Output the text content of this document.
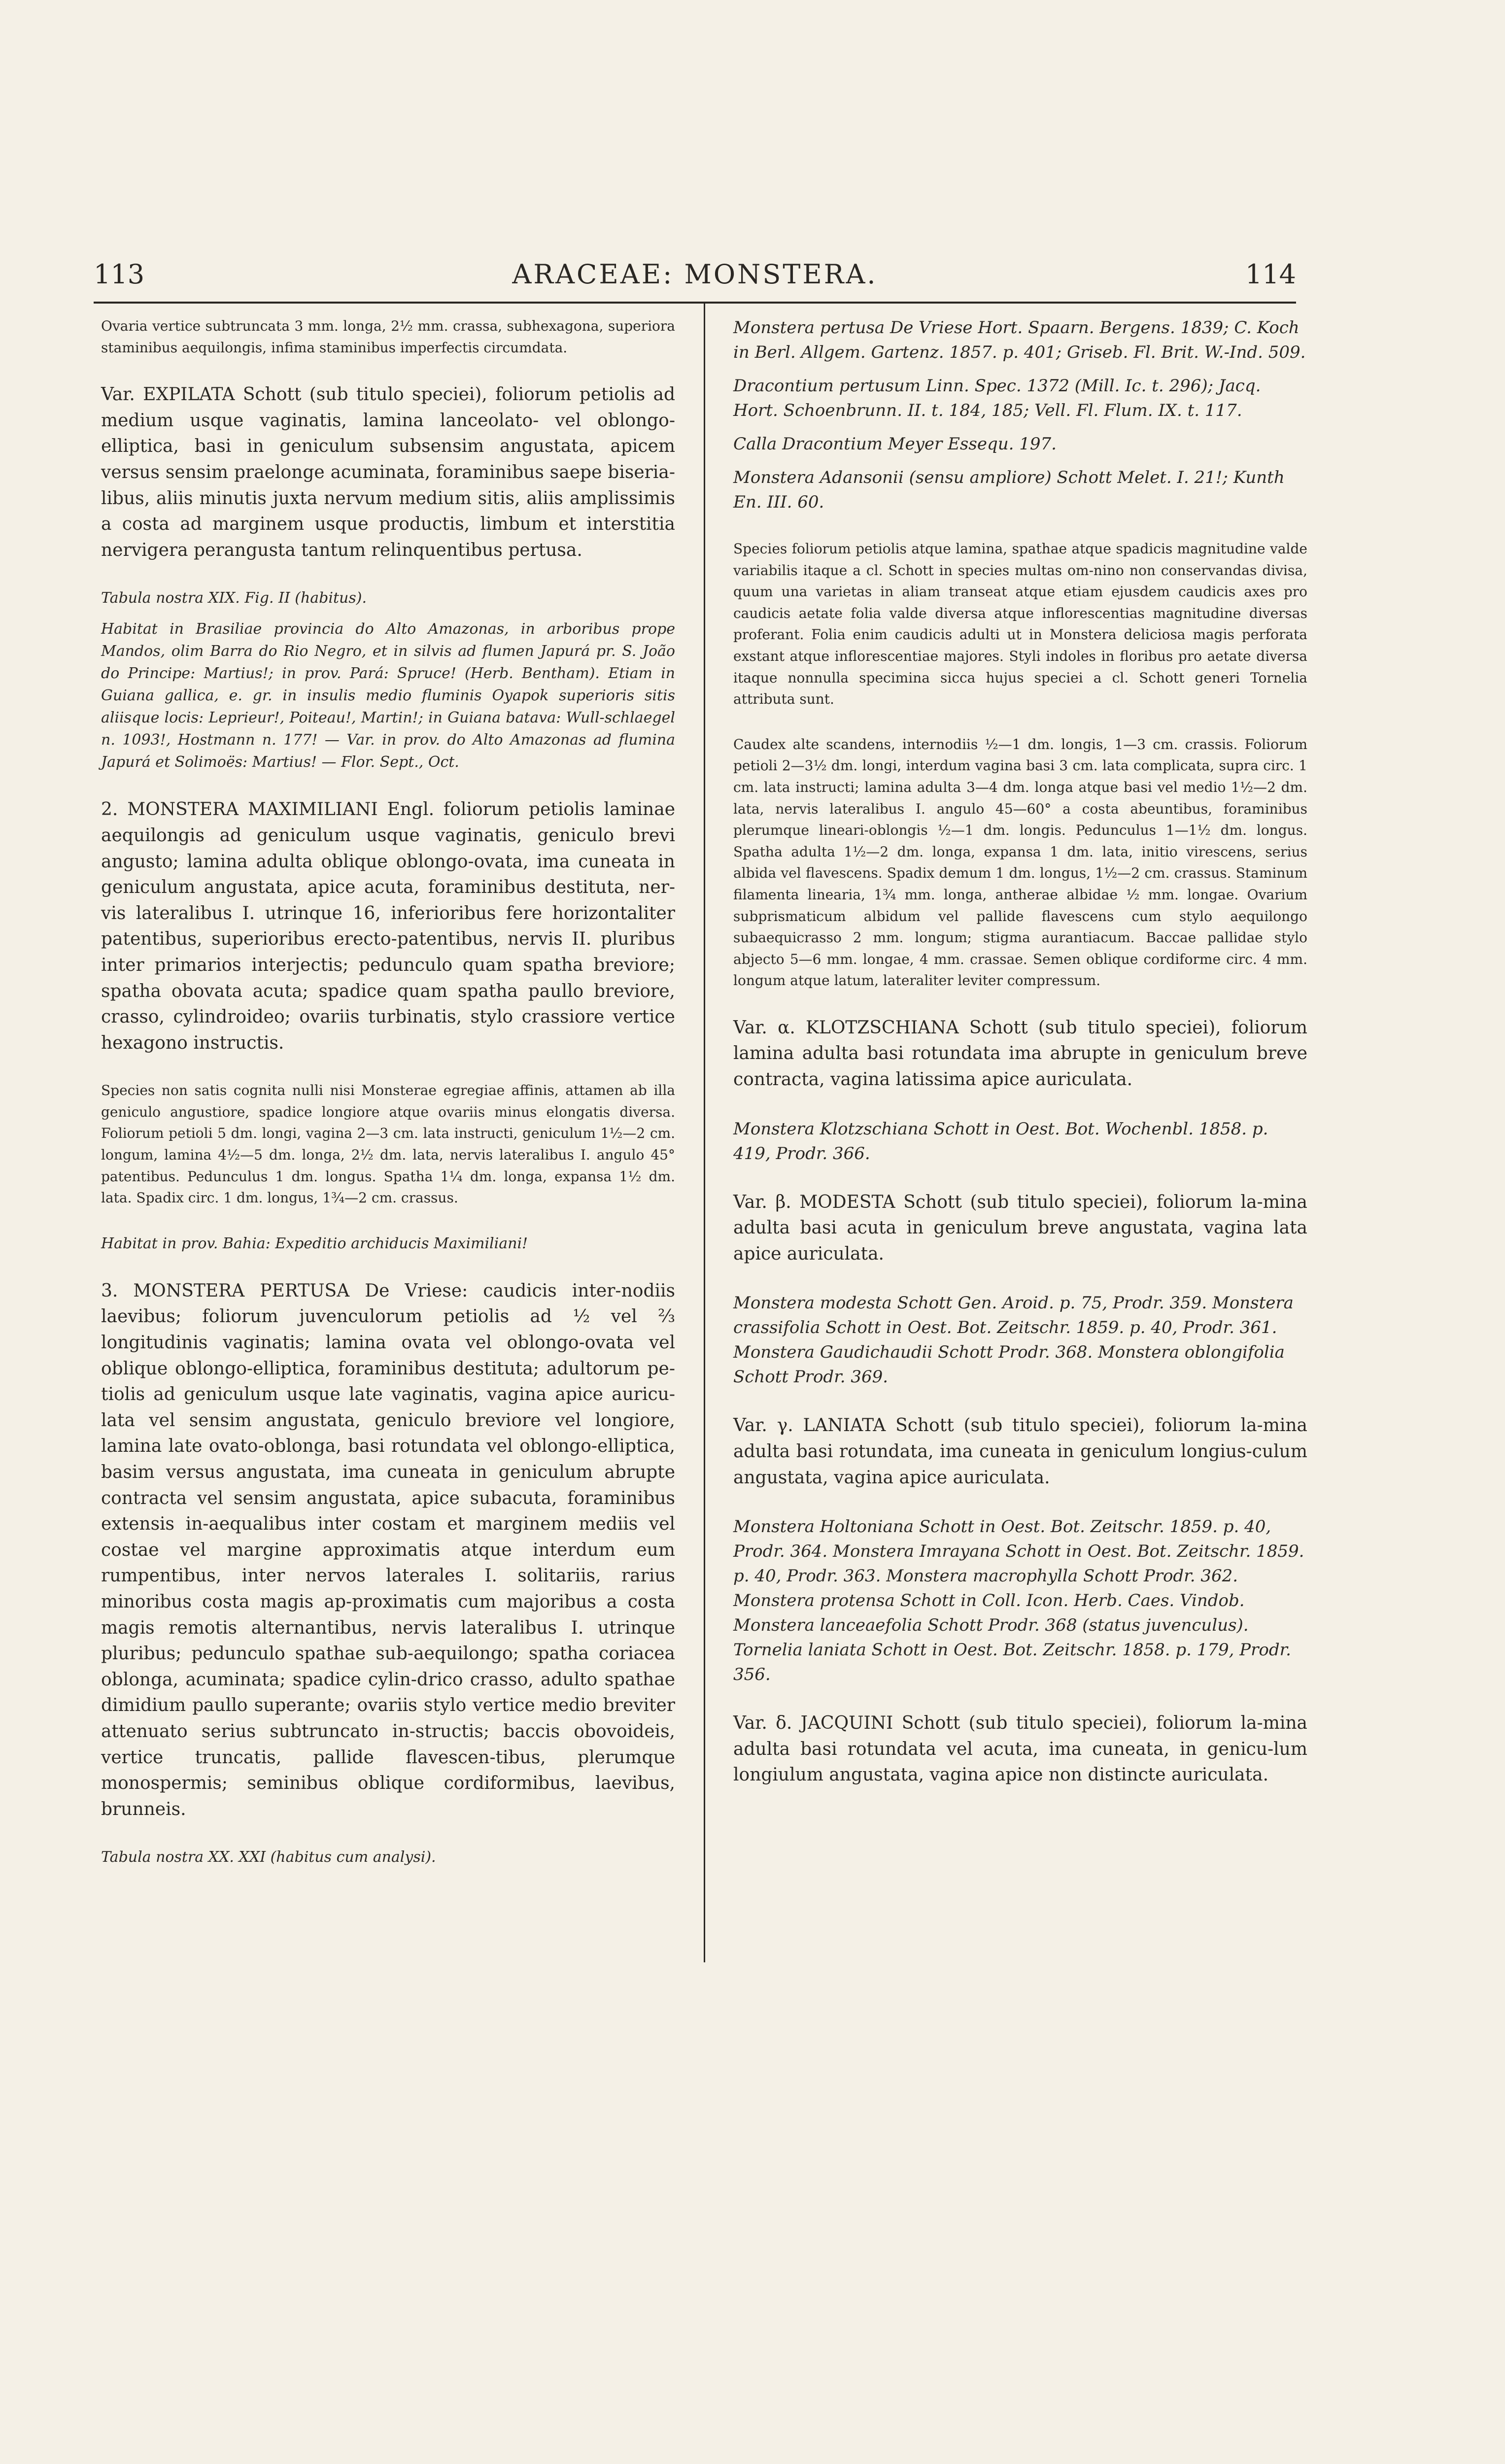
113	ARACEAE: MONSTERA.	114

Ovaria vertice subtruncata 3 mm. longa, 2½ mm. crassa, subhexagona, superiora staminibus aequilongis, infima staminibus imperfectis circumdata.

Var. EXPILATA Schott (sub titulo speciei), foliorum petiolis ad medium usque vaginatis, lamina lanceolato- vel oblongo-elliptica, basi in geniculum subsensim angustata, apicem versus sensim praelonge acuminata, foraminibus saepe biseria-libus, aliis minutis juxta nervum medium sitis, aliis amplissimis a costa ad marginem usque productis, limbum et interstitia nervigera perangusta tantum relinquentibus pertusa.

Tabula nostra XIX. Fig. II (habitus).

Habitat in Brasiliae provincia do Alto Amazonas, in arboribus prope Mandos, olim Barra do Rio Negro, et in silvis ad flumen Japurá pr. S. João do Principe: Martius!; in prov. Pará: Spruce! (Herb. Bentham). Etiam in Guiana gallica, e. gr. in insulis medio fluminis Oyapok superioris sitis aliisque locis: Leprieur!, Poiteau!, Martin!; in Guiana batava: Wull-schlaegel n. 1093!, Hostmann n. 177! — Var. in prov. do Alto Amazonas ad flumina Japurá et Solimoës: Martius! — Flor. Sept., Oct.

2. MONSTERA MAXIMILIANI Engl. foliorum petiolis laminae aequilongis ad geniculum usque vaginatis, geniculo brevi angusto; lamina adulta oblique oblongo-ovata, ima cuneata in geniculum angustata, apice acuta, foraminibus destituta, ner-vis lateralibus I. utrinque 16, inferioribus fere horizontaliter patentibus, superioribus erecto-patentibus, nervis II. pluribus inter primarios interjectis; pedunculo quam spatha breviore; spatha obovata acuta; spadice quam spatha paullo breviore, crasso, cylindroideo; ovariis turbinatis, stylo crassiore vertice hexagono instructis.

Species non satis cognita nulli nisi Monsterae egregiae affinis, attamen ab illa geniculo angustiore, spadice longiore atque ovariis minus elongatis diversa. Foliorum petioli 5 dm. longi, vagina 2—3 cm. lata instructi, geniculum 1½—2 cm. longum, lamina 4½—5 dm. longa, 2½ dm. lata, nervis lateralibus I. angulo 45° patentibus. Pedunculus 1 dm. longus. Spatha 1¼ dm. longa, expansa 1½ dm. lata. Spadix circ. 1 dm. longus, 1¾—2 cm. crassus.

Habitat in prov. Bahia: Expeditio archiducis Maximiliani!

3. MONSTERA PERTUSA De Vriese: caudicis inter-nodiis laevibus; foliorum juvenculorum petiolis ad ½ vel ⅔ longitudinis vaginatis; lamina ovata vel oblongo-ovata vel oblique oblongo-elliptica, foraminibus destituta; adultorum pe-tiolis ad geniculum usque late vaginatis, vagina apice auricu-lata vel sensim angustata, geniculo breviore vel longiore, lamina late ovato-oblonga, basi rotundata vel oblongo-elliptica, basim versus angustata, ima cuneata in geniculum abrupte contracta vel sensim angustata, apice subacuta, foraminibus extensis in-aequalibus inter costam et marginem mediis vel costae vel margine approximatis atque interdum eum rumpentibus, inter nervos laterales I. solitariis, rarius minoribus costa magis ap-proximatis cum majoribus a costa magis remotis alternantibus, nervis lateralibus I. utrinque pluribus; pedunculo spathae sub-aequilongo; spatha coriacea oblonga, acuminata; spadice cylin-drico crasso, adulto spathae dimidium paullo superante; ovariis stylo vertice medio breviter attenuato serius subtruncato in-structis; baccis obovoideis, vertice truncatis, pallide flavescen-tibus, plerumque monospermis; seminibus oblique cordiformibus, laevibus, brunneis.

Tabula nostra XX. XXI (habitus cum analysi).

Monstera pertusa De Vriese Hort. Spaarn. Bergens. 1839; C. Koch in Berl. Allgem. Gartenz. 1857. p. 401; Griseb. Fl. Brit. W.-Ind. 509.

Dracontium pertusum Linn. Spec. 1372 (Mill. Ic. t. 296); Jacq. Hort. Schoenbrunn. II. t. 184, 185; Vell. Fl. Flum. IX. t. 117.

Calla Dracontium Meyer Essequ. 197.

Monstera Adansonii (sensu ampliore) Schott Melet. I. 21!; Kunth En. III. 60.

Species foliorum petiolis atque lamina, spathae atque spadicis magnitudine valde variabilis itaque a cl. Schott in species multas om-nino non conservandas divisa, quum una varietas in aliam transeat atque etiam ejusdem caudicis axes pro caudicis aetate folia valde diversa atque inflorescentias magnitudine diversas proferant. Folia enim caudicis adulti ut in Monstera deliciosa magis perforata exstant atque inflorescentiae majores. Styli indoles in floribus pro aetate diversa itaque nonnulla specimina sicca hujus speciei a cl. Schott generi Tornelia attributa sunt.

Caudex alte scandens, internodiis ½—1 dm. longis, 1—3 cm. crassis. Foliorum petioli 2—3½ dm. longi, interdum vagina basi 3 cm. lata complicata, supra circ. 1 cm. lata instructi; lamina adulta 3—4 dm. longa atque basi vel medio 1½—2 dm. lata, nervis lateralibus I. angulo 45—60° a costa abeuntibus, foraminibus plerumque lineari-oblongis ½—1 dm. longis. Pedunculus 1—1½ dm. longus. Spatha adulta 1½—2 dm. longa, expansa 1 dm. lata, initio virescens, serius albida vel flavescens. Spadix demum 1 dm. longus, 1½—2 cm. crassus. Staminum filamenta linearia, 1¾ mm. longa, antherae albidae ½ mm. longae. Ovarium subprismaticum albidum vel pallide flavescens cum stylo aequilongo subaequicrasso 2 mm. longum; stigma aurantiacum. Baccae pallidae stylo abjecto 5—6 mm. longae, 4 mm. crassae. Semen oblique cordiforme circ. 4 mm. longum atque latum, lateraliter leviter compressum.

Var. α. KLOTZSCHIANA Schott (sub titulo speciei), foliorum lamina adulta basi rotundata ima abrupte in geniculum breve contracta, vagina latissima apice auriculata.

Monstera Klotzschiana Schott in Oest. Bot. Wochenbl. 1858. p. 419, Prodr. 366.

Var. β. MODESTA Schott (sub titulo speciei), foliorum la-mina adulta basi acuta in geniculum breve angustata, vagina lata apice auriculata.

Monstera modesta Schott Gen. Aroid. p. 75, Prodr. 359. Monstera crassifolia Schott in Oest. Bot. Zeitschr. 1859. p. 40, Prodr. 361. Monstera Gaudichaudii Schott Prodr. 368. Monstera oblongifolia Schott Prodr. 369.

Var. γ. LANIATA Schott (sub titulo speciei), foliorum la-mina adulta basi rotundata, ima cuneata in geniculum longius-culum angustata, vagina apice auriculata.

Monstera Holtoniana Schott in Oest. Bot. Zeitschr. 1859. p. 40, Prodr. 364. Monstera Imrayana Schott in Oest. Bot. Zeitschr. 1859. p. 40, Prodr. 363. Monstera macrophylla Schott Prodr. 362. Monstera protensa Schott in Coll. Icon. Herb. Caes. Vindob. Monstera lanceaefolia Schott Prodr. 368 (status juvenculus). Tornelia laniata Schott in Oest. Bot. Zeitschr. 1858. p. 179, Prodr. 356.

Var. δ. JACQUINI Schott (sub titulo speciei), foliorum la-mina adulta basi rotundata vel acuta, ima cuneata, in genicu-lum longiulum angustata, vagina apice non distincte auriculata.
